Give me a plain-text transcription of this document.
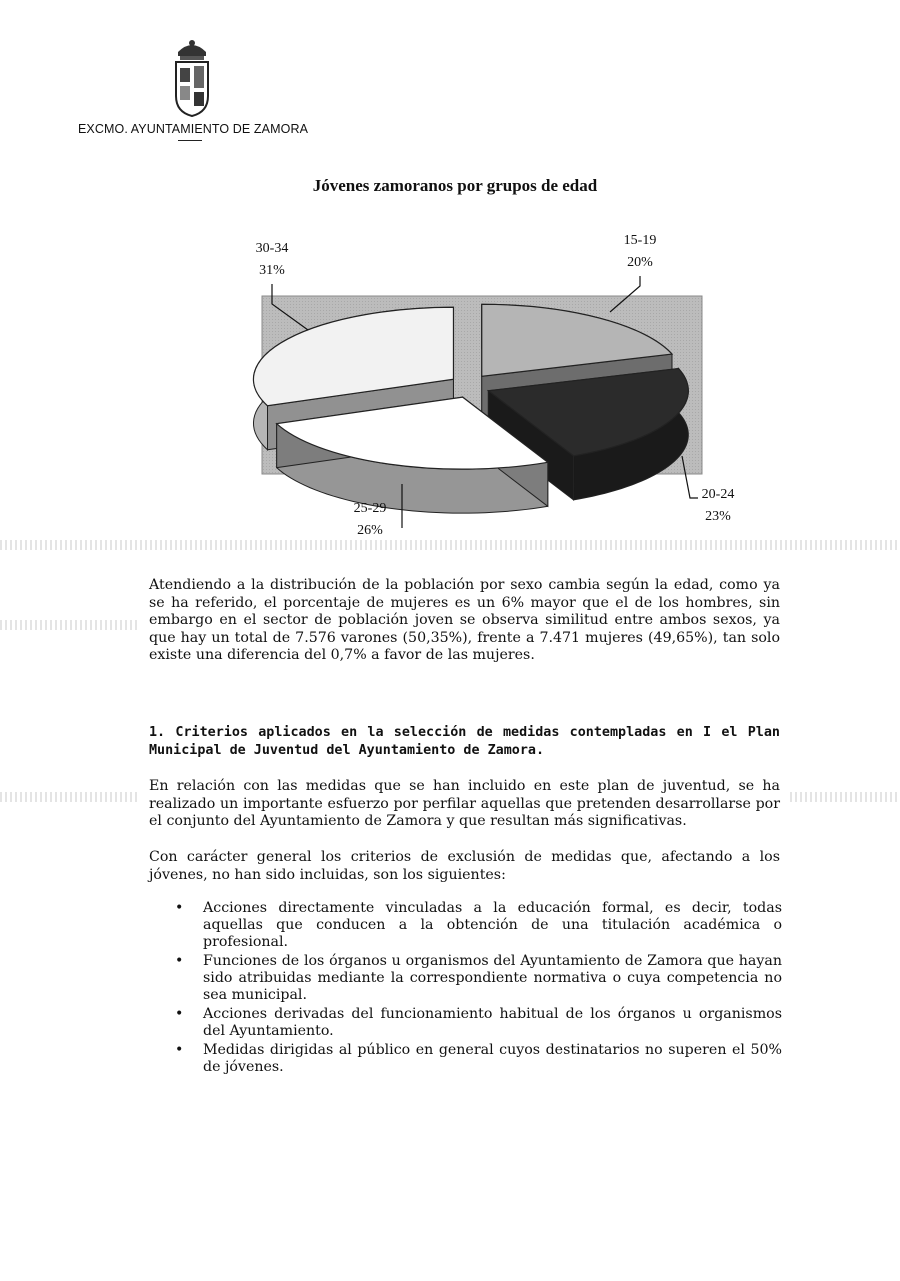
EXCMO. AYUNTAMIENTO DE ZAMORA
Jóvenes zamoranos por grupos de edad
30-34
31%
15-19
20%
25-29
26%
20-24
23%

Atendiendo a la distribución de la población por sexo cambia según la edad, como ya se ha referido, el porcentaje de mujeres es un 6% mayor que el de los hombres, sin embargo en el sector de población joven se observa similitud entre ambos sexos, ya que hay un total de 7.576 varones (50,35%), frente a 7.471 mujeres (49,65%), tan solo existe una diferencia del 0,7% a favor de las mujeres.

1. Criterios aplicados en la selección de medidas contempladas en I el Plan Municipal de Juventud del Ayuntamiento de Zamora.

En relación con las medidas que se han incluido en este plan de juventud, se ha realizado un importante esfuerzo por perfilar aquellas que pretenden desarrollarse por el conjunto del Ayuntamiento de Zamora y que resultan más significativas.

Con carácter general los criterios de exclusión de medidas que, afectando a los jóvenes, no han sido incluidas, son los siguientes:

• Acciones directamente vinculadas a la educación formal, es decir, todas aquellas que conducen a la obtención de una titulación académica o profesional.
• Funciones de los órganos u organismos del Ayuntamiento de Zamora que hayan sido atribuidas mediante la correspondiente normativa o cuya competencia no sea municipal.
• Acciones derivadas del funcionamiento habitual de los órganos u organismos del Ayuntamiento.
• Medidas dirigidas al público en general cuyos destinatarios no superen el 50% de jóvenes.
